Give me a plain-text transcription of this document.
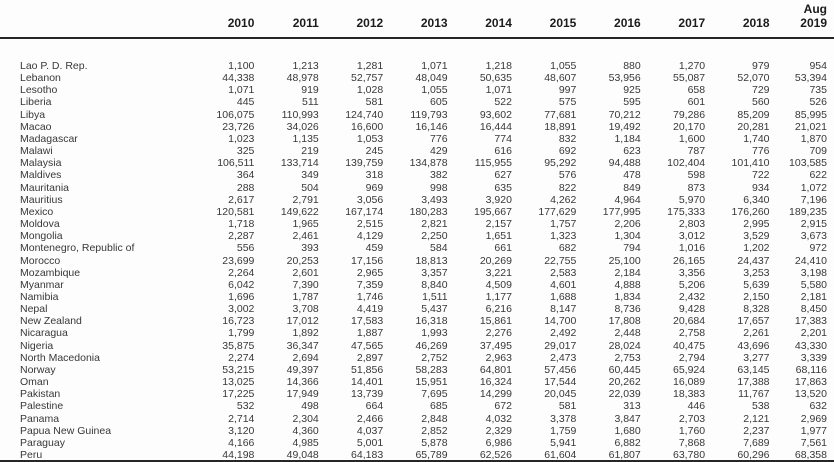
	2010	2011	2012	2013	2014	2015	2016	2017	2018	Aug
2019

Lao P. D. Rep.	1,100	1,213	1,281	1,071	1,218	1,055	880	1,270	979	954
Lebanon	44,338	48,978	52,757	48,049	50,635	48,607	53,956	55,087	52,070	53,394
Lesotho	1,071	919	1,028	1,055	1,071	997	925	658	729	735
Liberia	445	511	581	605	522	575	595	601	560	526
Libya	106,075	110,993	124,740	119,793	93,602	77,681	70,212	79,286	85,209	85,995
Macao	23,726	34,026	16,600	16,146	16,444	18,891	19,492	20,170	20,281	21,021
Madagascar	1,023	1,135	1,053	776	774	832	1,184	1,600	1,740	1,870
Malawi	325	219	245	429	616	692	623	787	776	709
Malaysia	106,511	133,714	139,759	134,878	115,955	95,292	94,488	102,404	101,410	103,585
Maldives	364	349	318	382	627	576	478	598	722	622
Mauritania	288	504	969	998	635	822	849	873	934	1,072
Mauritius	2,617	2,791	3,056	3,493	3,920	4,262	4,964	5,970	6,340	7,196
Mexico	120,581	149,622	167,174	180,283	195,667	177,629	177,995	175,333	176,260	189,235
Moldova	1,718	1,965	2,515	2,821	2,157	1,757	2,206	2,803	2,995	2,915
Mongolia	2,287	2,461	4,129	2,250	1,651	1,323	1,304	3,012	3,529	3,673
Montenegro, Republic of	556	393	459	584	661	682	794	1,016	1,202	972
Morocco	23,699	20,253	17,156	18,813	20,269	22,755	25,100	26,165	24,437	24,410
Mozambique	2,264	2,601	2,965	3,357	3,221	2,583	2,184	3,356	3,253	3,198
Myanmar	6,042	7,390	7,359	8,840	4,509	4,601	4,888	5,206	5,639	5,580
Namibia	1,696	1,787	1,746	1,511	1,177	1,688	1,834	2,432	2,150	2,181
Nepal	3,002	3,708	4,419	5,437	6,216	8,147	8,736	9,428	8,328	8,450
New Zealand	16,723	17,012	17,583	16,318	15,861	14,700	17,808	20,684	17,657	17,383
Nicaragua	1,799	1,892	1,887	1,993	2,276	2,492	2,448	2,758	2,261	2,201
Nigeria	35,875	36,347	47,565	46,269	37,495	29,017	28,024	40,475	43,696	43,330
North Macedonia	2,274	2,694	2,897	2,752	2,963	2,473	2,753	2,794	3,277	3,339
Norway	53,215	49,397	51,856	58,283	64,801	57,456	60,445	65,924	63,145	68,116
Oman	13,025	14,366	14,401	15,951	16,324	17,544	20,262	16,089	17,388	17,863
Pakistan	17,225	17,949	13,739	7,695	14,299	20,045	22,039	18,383	11,767	13,520
Palestine	532	498	664	685	672	581	313	446	538	632
Panama	2,714	2,304	2,466	2,848	4,032	3,378	3,847	2,703	2,121	2,969
Papua New Guinea	3,120	4,360	4,037	2,852	2,329	1,759	1,680	1,760	2,237	1,977
Paraguay	4,166	4,985	5,001	5,878	6,986	5,941	6,882	7,868	7,689	7,561
Peru	44,198	49,048	64,183	65,789	62,526	61,604	61,807	63,780	60,296	68,358
